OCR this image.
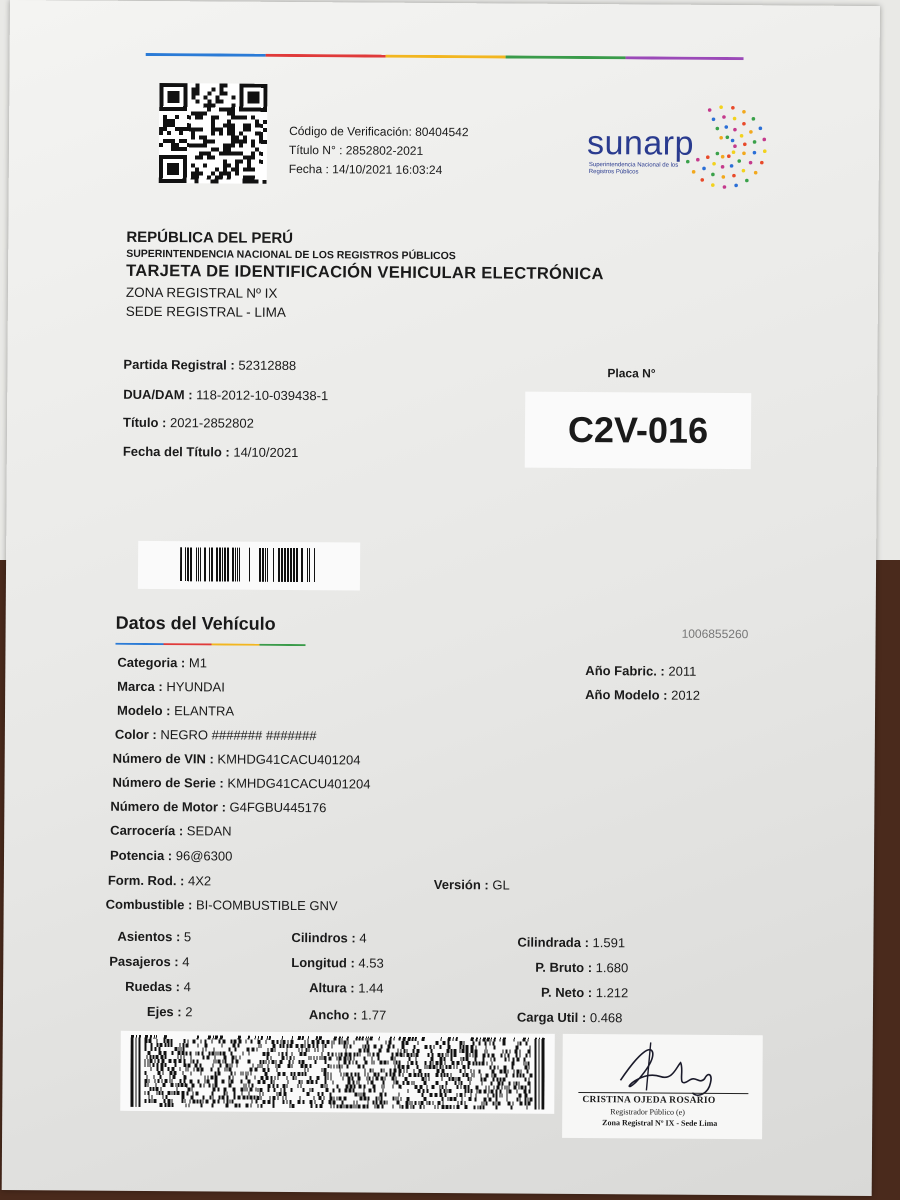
Código de Verificación: 80404542
Título N° : 2852802-2021
Fecha : 14/10/2021 16:03:24
sunarp
Superintendencia Nacional de los Registros Públicos
REPÚBLICA DEL PERÚ
SUPERINTENDENCIA NACIONAL DE LOS REGISTROS PÚBLICOS
TARJETA DE IDENTIFICACIÓN VEHICULAR ELECTRÓNICA
ZONA REGISTRAL Nº IX
SEDE REGISTRAL - LIMA
Partida Registral : 52312888
DUA/DAM : 118-2012-10-039438-1
Título : 2021-2852802
Fecha del Título : 14/10/2021
Placa N°
C2V-016
Datos del Vehículo
1006855260
Categoria : M1
Marca : HYUNDAI
Modelo : ELANTRA
Color : NEGRO ####### #######
Número de VIN : KMHDG41CACU401204
Número de Serie : KMHDG41CACU401204
Número de Motor : G4FGBU445176
Carrocería : SEDAN
Potencia : 96@6300
Form. Rod. : 4X2
Combustible : BI-COMBUSTIBLE GNV
Versión : GL
Año Fabric. : 2011
Año Modelo : 2012
Asientos : 5
Pasajeros : 4
Ruedas : 4
Ejes : 2
Cilindros : 4
Longitud : 4.53
Altura : 1.44
Ancho : 1.77
Cilindrada : 1.591
P. Bruto : 1.680
P. Neto : 1.212
Carga Util : 0.468
CRISTINA OJEDA ROSARIO
Registrador Público (e)
Zona Registral Nº IX - Sede Lima
